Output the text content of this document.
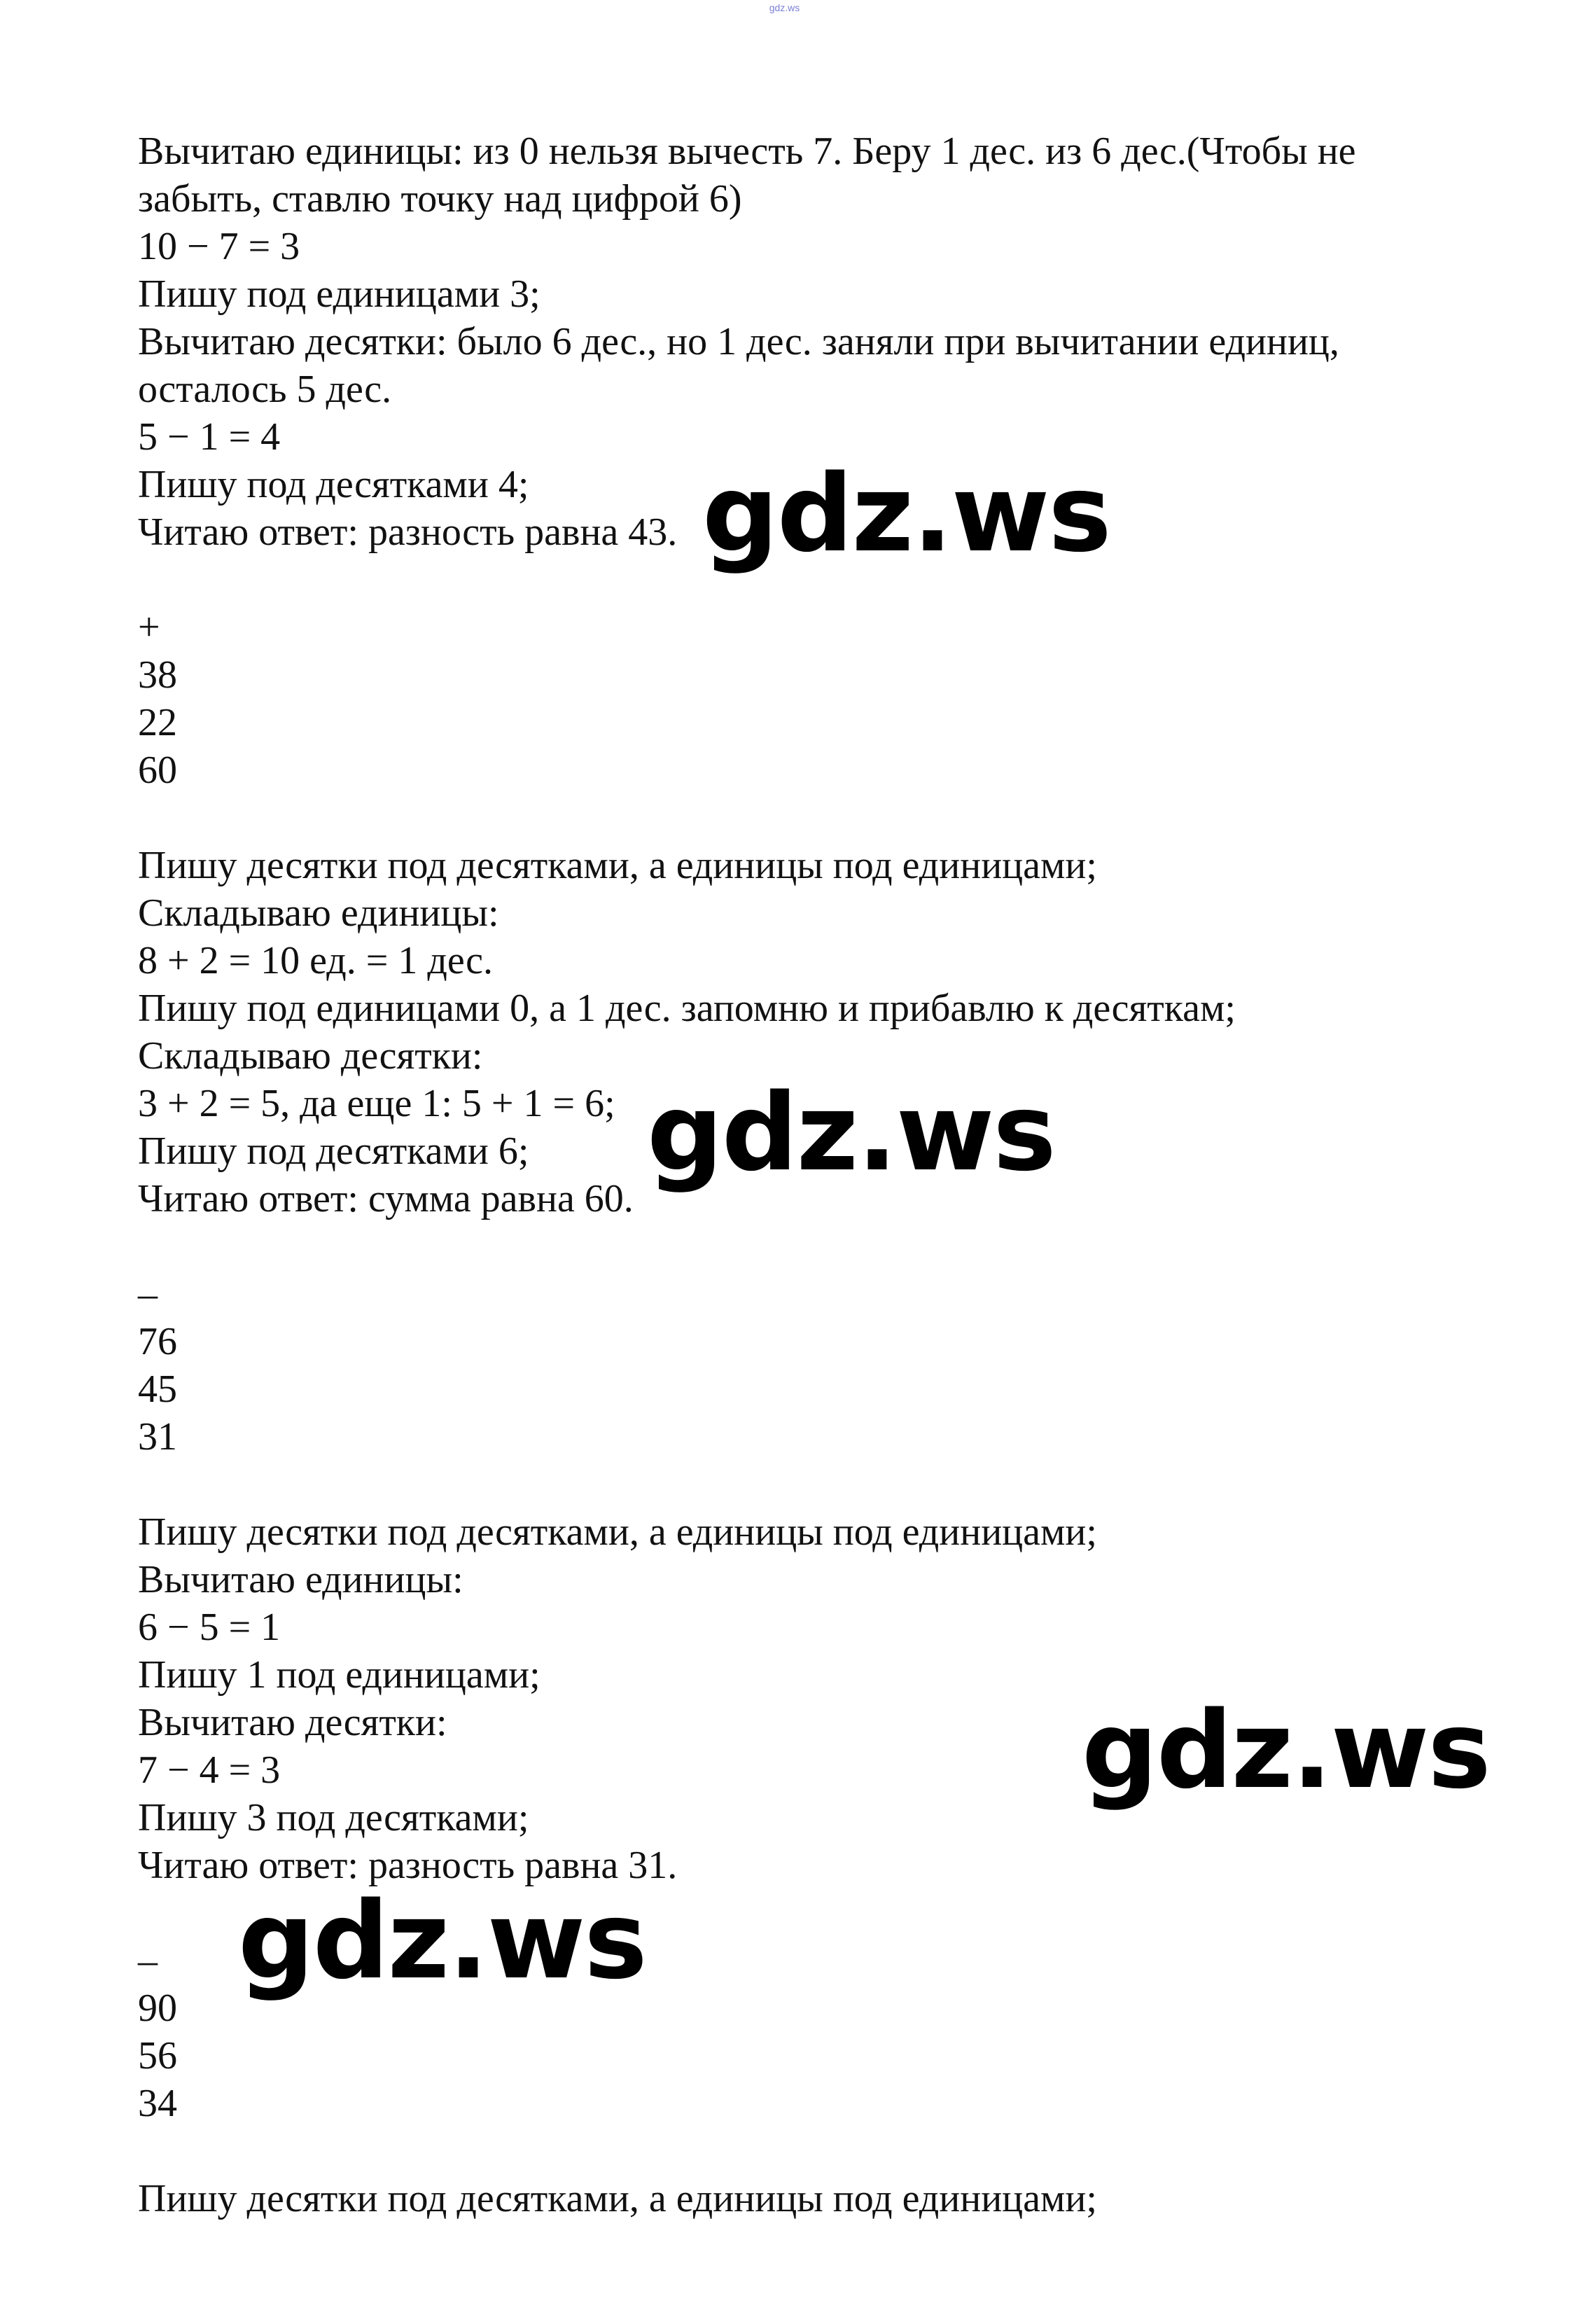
gdz.ws
Вычитаю единицы: из 0 нельзя вычесть 7. Беру 1 дес. из 6 дес.(Чтобы не
забыть, ставлю точку над цифрой 6)
10 − 7 = 3
Пишу под единицами 3;
Вычитаю десятки: было 6 дес., но 1 дес. заняли при вычитании единиц,
осталось 5 дес.
5 − 1 = 4
Пишу под десятками 4;
Читаю ответ: разность равна 43.
+
38
22
60
Пишу десятки под десятками, а единицы под единицами;
Складываю единицы:
8 + 2 = 10 ед. = 1 дес.
Пишу под единицами 0, а 1 дес. запомню и прибавлю к десяткам;
Складываю десятки:
3 + 2 = 5, да еще 1: 5 + 1 = 6;
Пишу под десятками 6;
Читаю ответ: сумма равна 60.
–
76
45
31
Пишу десятки под десятками, а единицы под единицами;
Вычитаю единицы:
6 − 5 = 1
Пишу 1 под единицами;
Вычитаю десятки:
7 − 4 = 3
Пишу 3 под десятками;
Читаю ответ: разность равна 31.
–
90
56
34
Пишу десятки под десятками, а единицы под единицами;
gdz.ws
gdz.ws
gdz.ws
gdz.ws
